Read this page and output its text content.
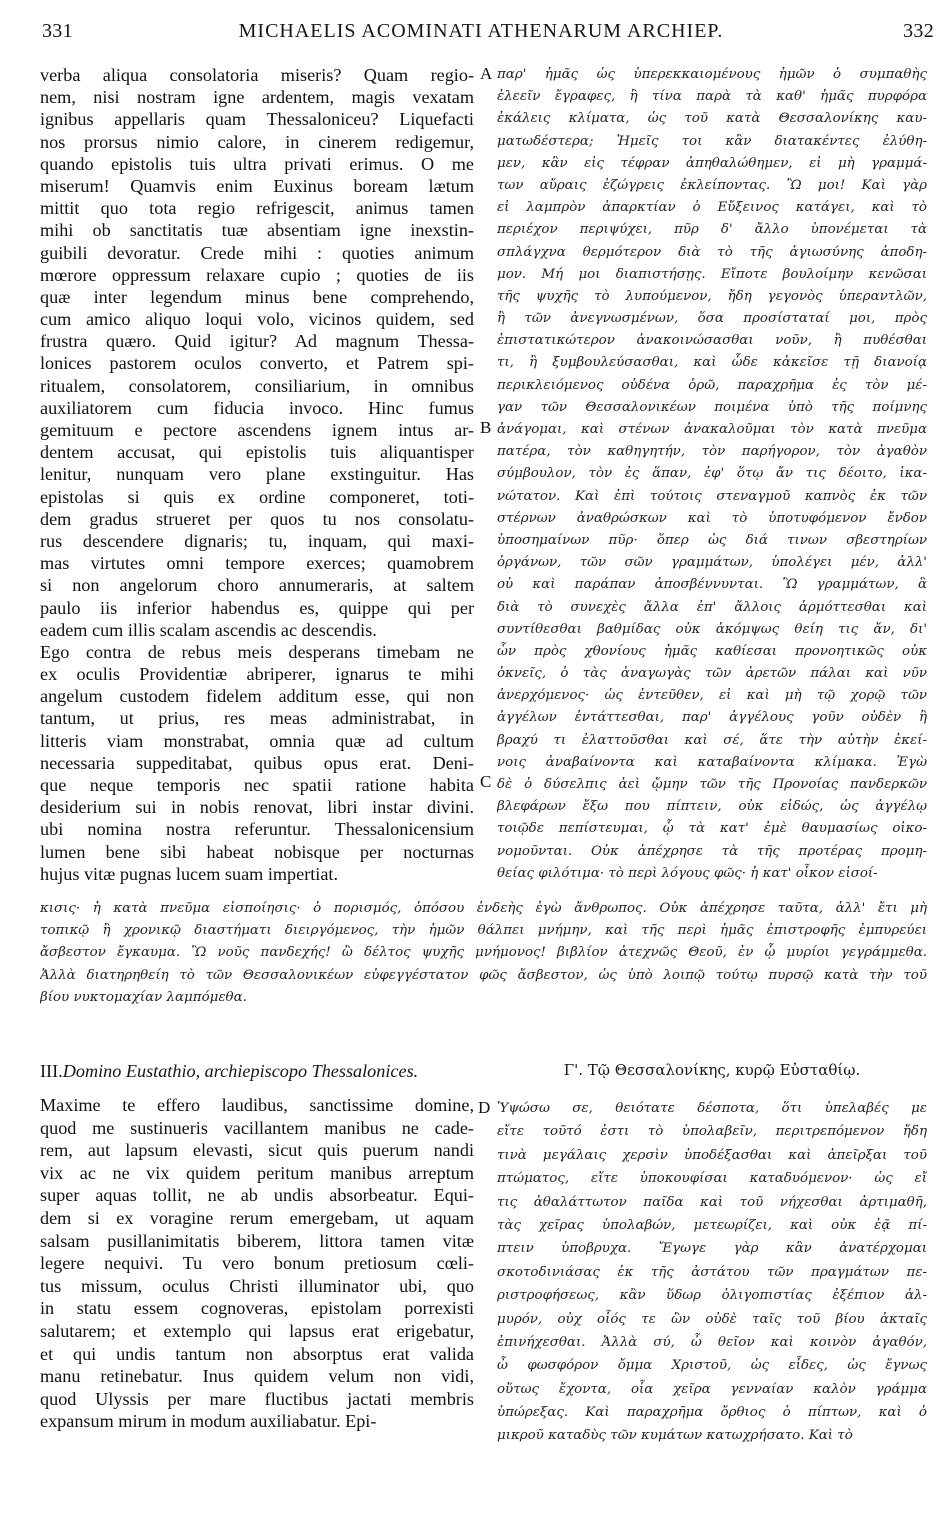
331	MICHAELIS ACOMINATI ATHENARUM ARCHIEP.	332
verba aliqua consolatoria miseris? Quam regio-
nem, nisi nostram igne ardentem, magis vexatam
ignibus appellaris quam Thessaloniceu? Liquefacti
nos prorsus nimio calore, in cinerem redigemur,
quando epistolis tuis ultra privati erimus. O me
miserum! Quamvis enim Euxinus boream lætum
mittit quo tota regio refrigescit, animus tamen
mihi ob sanctitatis tuæ absentiam igne inexstin-
guibili devoratur. Crede mihi : quoties animum
mœrore oppressum relaxare cupio ; quoties de iis
quæ inter legendum minus bene comprehendo,
cum amico aliquo loqui volo, vicinos quidem, sed
frustra quæro. Quid igitur? Ad magnum Thessa-
lonices pastorem oculos converto, et Patrem spi-
ritualem, consolatorem, consiliarium, in omnibus
auxiliatorem cum fiducia invoco. Hinc fumus
gemituum e pectore ascendens ignem intus ar-
dentem accusat, qui epistolis tuis aliquantisper
lenitur, nunquam vero plane exstinguitur. Has
epistolas si quis ex ordine componeret, toti-
dem gradus strueret per quos tu nos consolatu-
rus descendere dignaris; tu, inquam, qui maxi-
mas virtutes omni tempore exerces; quamobrem
si non angelorum choro annumeraris, at saltem
paulo iis inferior habendus es, quippe qui per
eadem cum illis scalam ascendis ac descendis.
Ego contra de rebus meis desperans timebam ne
ex oculis Providentiæ abriperer, ignarus te mihi
angelum custodem fidelem additum esse, qui non
tantum, ut prius, res meas administrabat, in
litteris viam monstrabat, omnia quæ ad cultum
necessaria suppeditabat, quibus opus erat. Deni-
que neque temporis nec spatii ratione habita
desiderium sui in nobis renovat, libri instar divini.
ubi nomina nostra referuntur. Thessalonicensium
lumen bene sibi habeat nobisque per nocturnas
hujus vitæ pugnas lucem suam impertiat.
παρ' ἡμᾶς ὡς ὑπερεκκαιομένους ἡμῶν ὁ συμπαθὴς
ἐλεεῖν ἔγραφες, ἢ τίνα παρὰ τὰ καθ' ἡμᾶς πυρφόρα
ἐκάλεις κλίματα, ὡς τοῦ κατὰ Θεσσαλονίκης καυ-
ματωδέστερα; Ἡμεῖς τοι κἂν διατακέντες ἐλύθη-
μεν, κἂν εἰς τέφραν ἀπηθαλώθημεν, εἰ μὴ γραμμά-
των αὔραις ἐζώγρεις ἐκλείποντας. Ὢ μοι! Καὶ γὰρ
εἰ λαμπρὸν ἀπαρκτίαν ὁ Εὔξεινος κατάγει, καὶ τὸ
περιέχον περιψύχει, πῦρ δ' ἄλλο ὑπονέμεται τὰ
σπλάγχνα θερμότερον διὰ τὸ τῆς ἁγιωσύνης ἀποδη-
μον. Μή μοι διαπιστήσῃς. Εἴποτε βουλοίμην κενῶσαι
τῆς ψυχῆς τὸ λυπούμενον, ἤδη γεγονὸς ὑπεραντλῶν,
ἢ τῶν ἀνεγνωσμένων, ὅσα προσίσταταί μοι, πρὸς
ἐπιστατικώτερον ἀνακοινώσασθαι νοῦν, ἢ πυθέσθαι
τι, ἢ ξυμβουλεύσασθαι, καὶ ὧδε κἀκεῖσε τῇ διανοίᾳ
περικλειόμενος οὐδένα ὁρῶ, παραχρῆμα ἐς τὸν μέ-
γαν τῶν Θεσσαλονικέων ποιμένα ὑπὸ τῆς ποίμνης
ἀνάγομαι, καὶ στένων ἀνακαλοῦμαι τὸν κατὰ πνεῦμα
πατέρα, τὸν καθηγητήν, τὸν παρήγορον, τὸν ἀγαθὸν
σύμβουλον, τὸν ἐς ἅπαν, ἐφ' ὅτῳ ἄν τις δέοιτο, ἱκα-
νώτατον. Καὶ ἐπὶ τούτοις στεναγμοῦ καπνὸς ἐκ τῶν
στέρνων ἀναθρώσκων καὶ τὸ ὑποτυφόμενον ἔνδον
ὑποσημαίνων πῦρ· ὅπερ ὡς διά τινων σβεστηρίων
ὀργάνων, τῶν σῶν γραμμάτων, ὑπολέγει μέν, ἀλλ'
οὐ καὶ παράπαν ἀποσβέννυνται. Ὢ γραμμάτων, ἃ
διὰ τὸ συνεχὲς ἄλλα ἐπ' ἄλλοις ἁρμόττεσθαι καὶ
συντίθεσθαι βαθμίδας οὐκ ἀκόμψως θείη τις ἄν, δι'
ὧν πρὸς χθονίους ἡμᾶς καθίεσαι προνοητικῶς οὐκ
ὀκνεῖς, ὁ τὰς ἀναγωγὰς τῶν ἀρετῶν πάλαι καὶ νῦν
ἀνερχόμενος· ὡς ἐντεῦθεν, εἰ καὶ μὴ τῷ χορῷ τῶν
ἀγγέλων ἐντάττεσθαι, παρ' ἀγγέλους γοῦν οὐδὲν ἢ
βραχύ τι ἐλαττοῦσθαι καὶ σέ, ἅτε τὴν αὐτὴν ἐκεί-
νοις ἀναβαίνοντα καὶ καταβαίνοντα κλίμακα. Ἐγὼ
δὲ ὁ δύσελπις ἀεὶ ᾤμην τῶν τῆς Προνοίας πανδερκῶν
βλεφάρων ἔξω που πίπτειν, οὐκ εἰδώς, ὡς ἀγγέλῳ
τοιῷδε πεπίστευμαι, ᾧ τὰ κατ' ἐμὲ θαυμασίως οἰκο-
νομοῦνται. Οὐκ ἀπέχρησε τὰ τῆς προτέρας προμη-
θείας φιλότιμα· τὸ περὶ λόγους φῶς· ἡ κατ' οἶκον εἰσοί-
A
B
C
D
κισις· ἡ κατὰ πνεῦμα εἰσποίησις· ὁ πορισμός, ὁπόσου ἐνδεὴς ἐγὼ ἄνθρωπος. Οὐκ ἀπέχρησε ταῦτα, ἀλλ' ἔτι μὴ
τοπικῷ ἢ χρονικῷ διαστήματι διειργόμενος, τὴν ἡμῶν θάλπει μνήμην, καὶ τῆς περὶ ἡμᾶς ἐπιστροφῆς ἐμπυρεύει
ἄσβεστον ἔγκαυμα. Ὢ νοῦς πανδεχής! ὢ δέλτος ψυχῆς μνήμονος! βιβλίον ἀτεχνῶς Θεοῦ, ἐν ᾧ μυρίοι γεγράμμεθα.
Ἀλλὰ διατηρηθείη τὸ τῶν Θεσσαλονικέων εὐφεγγέστατον φῶς ἄσβεστον, ὡς ὑπὸ λοιπῷ τούτῳ πυρσῷ κατὰ τὴν τοῦ
βίου νυκτομαχίαν λαμπόμεθα.
III.Domino Eustathio, archiepiscopo Thessalonices.	Γ'. Τῷ Θεσσαλονίκης, κυρῷ Εὐσταθίῳ.
Maxime te effero laudibus, sanctissime domine,
quod me sustinueris vacillantem manibus ne cade-
rem, aut lapsum elevasti, sicut quis puerum nandi
vix ac ne vix quidem peritum manibus arreptum
super aquas tollit, ne ab undis absorbeatur. Equi-
dem si ex voragine rerum emergebam, ut aquam
salsam pusillanimitatis biberem, littora tamen vitæ
legere nequivi. Tu vero bonum pretiosum cœli-
tus missum, oculus Christi illuminator ubi, quo
in statu essem cognoveras, epistolam porrexisti
salutarem; et extemplo qui lapsus erat erigebatur,
et qui undis tantum non absorptus erat valida
manu retinebatur. Inus quidem velum non vidi,
quod Ulyssis per mare fluctibus jactati membris
expansum mirum in modum auxiliabatur. Epi-
Ὑψώσω σε, θειότατε δέσποτα, ὅτι ὑπελαβές με
εἴτε τοῦτό ἐστι τὸ ὑπολαβεῖν, περιτρεπόμενον ἤδη
τινὰ μεγάλαις χερσὶν ὑποδέξασθαι καὶ ἀπεῖρξαι τοῦ
πτώματος, εἴτε ὑποκουφίσαι καταδυόμενον· ὡς εἴ
τις ἀθαλάττωτον παῖδα καὶ τοῦ νήχεσθαι ἀρτιμαθῆ,
τὰς χεῖρας ὑπολαβών, μετεωρίζει, καὶ οὐκ ἐᾷ πί-
πτειν ὑποβρυχα. Ἔγωγε γὰρ κἂν ἀνατέρχομαι
σκοτοδινιάσας ἐκ τῆς ἀστάτου τῶν πραγμάτων πε-
ριστροφήσεως, κἂν ὕδωρ ὀλιγοπιστίας ἐξέπιον ἁλ-
μυρόν, οὐχ οἷός τε ὢν οὐδὲ ταῖς τοῦ βίου ἀκταῖς
ἐπινήχεσθαι. Ἀλλὰ σύ, ὦ θεῖον καὶ κοινὸν ἀγαθόν,
ὦ φωσφόρον ὄμμα Χριστοῦ, ὡς εἶδες, ὡς ἔγνως
οὕτως ἔχοντα, οἷα χεῖρα γενναίαν καλὸν γράμμα
ὑπώρεξας. Καὶ παραχρῆμα ὄρθιος ὁ πίπτων, καὶ ὁ
μικροῦ καταδὺς τῶν κυμάτων κατωχρήσατο. Καὶ τὸ
